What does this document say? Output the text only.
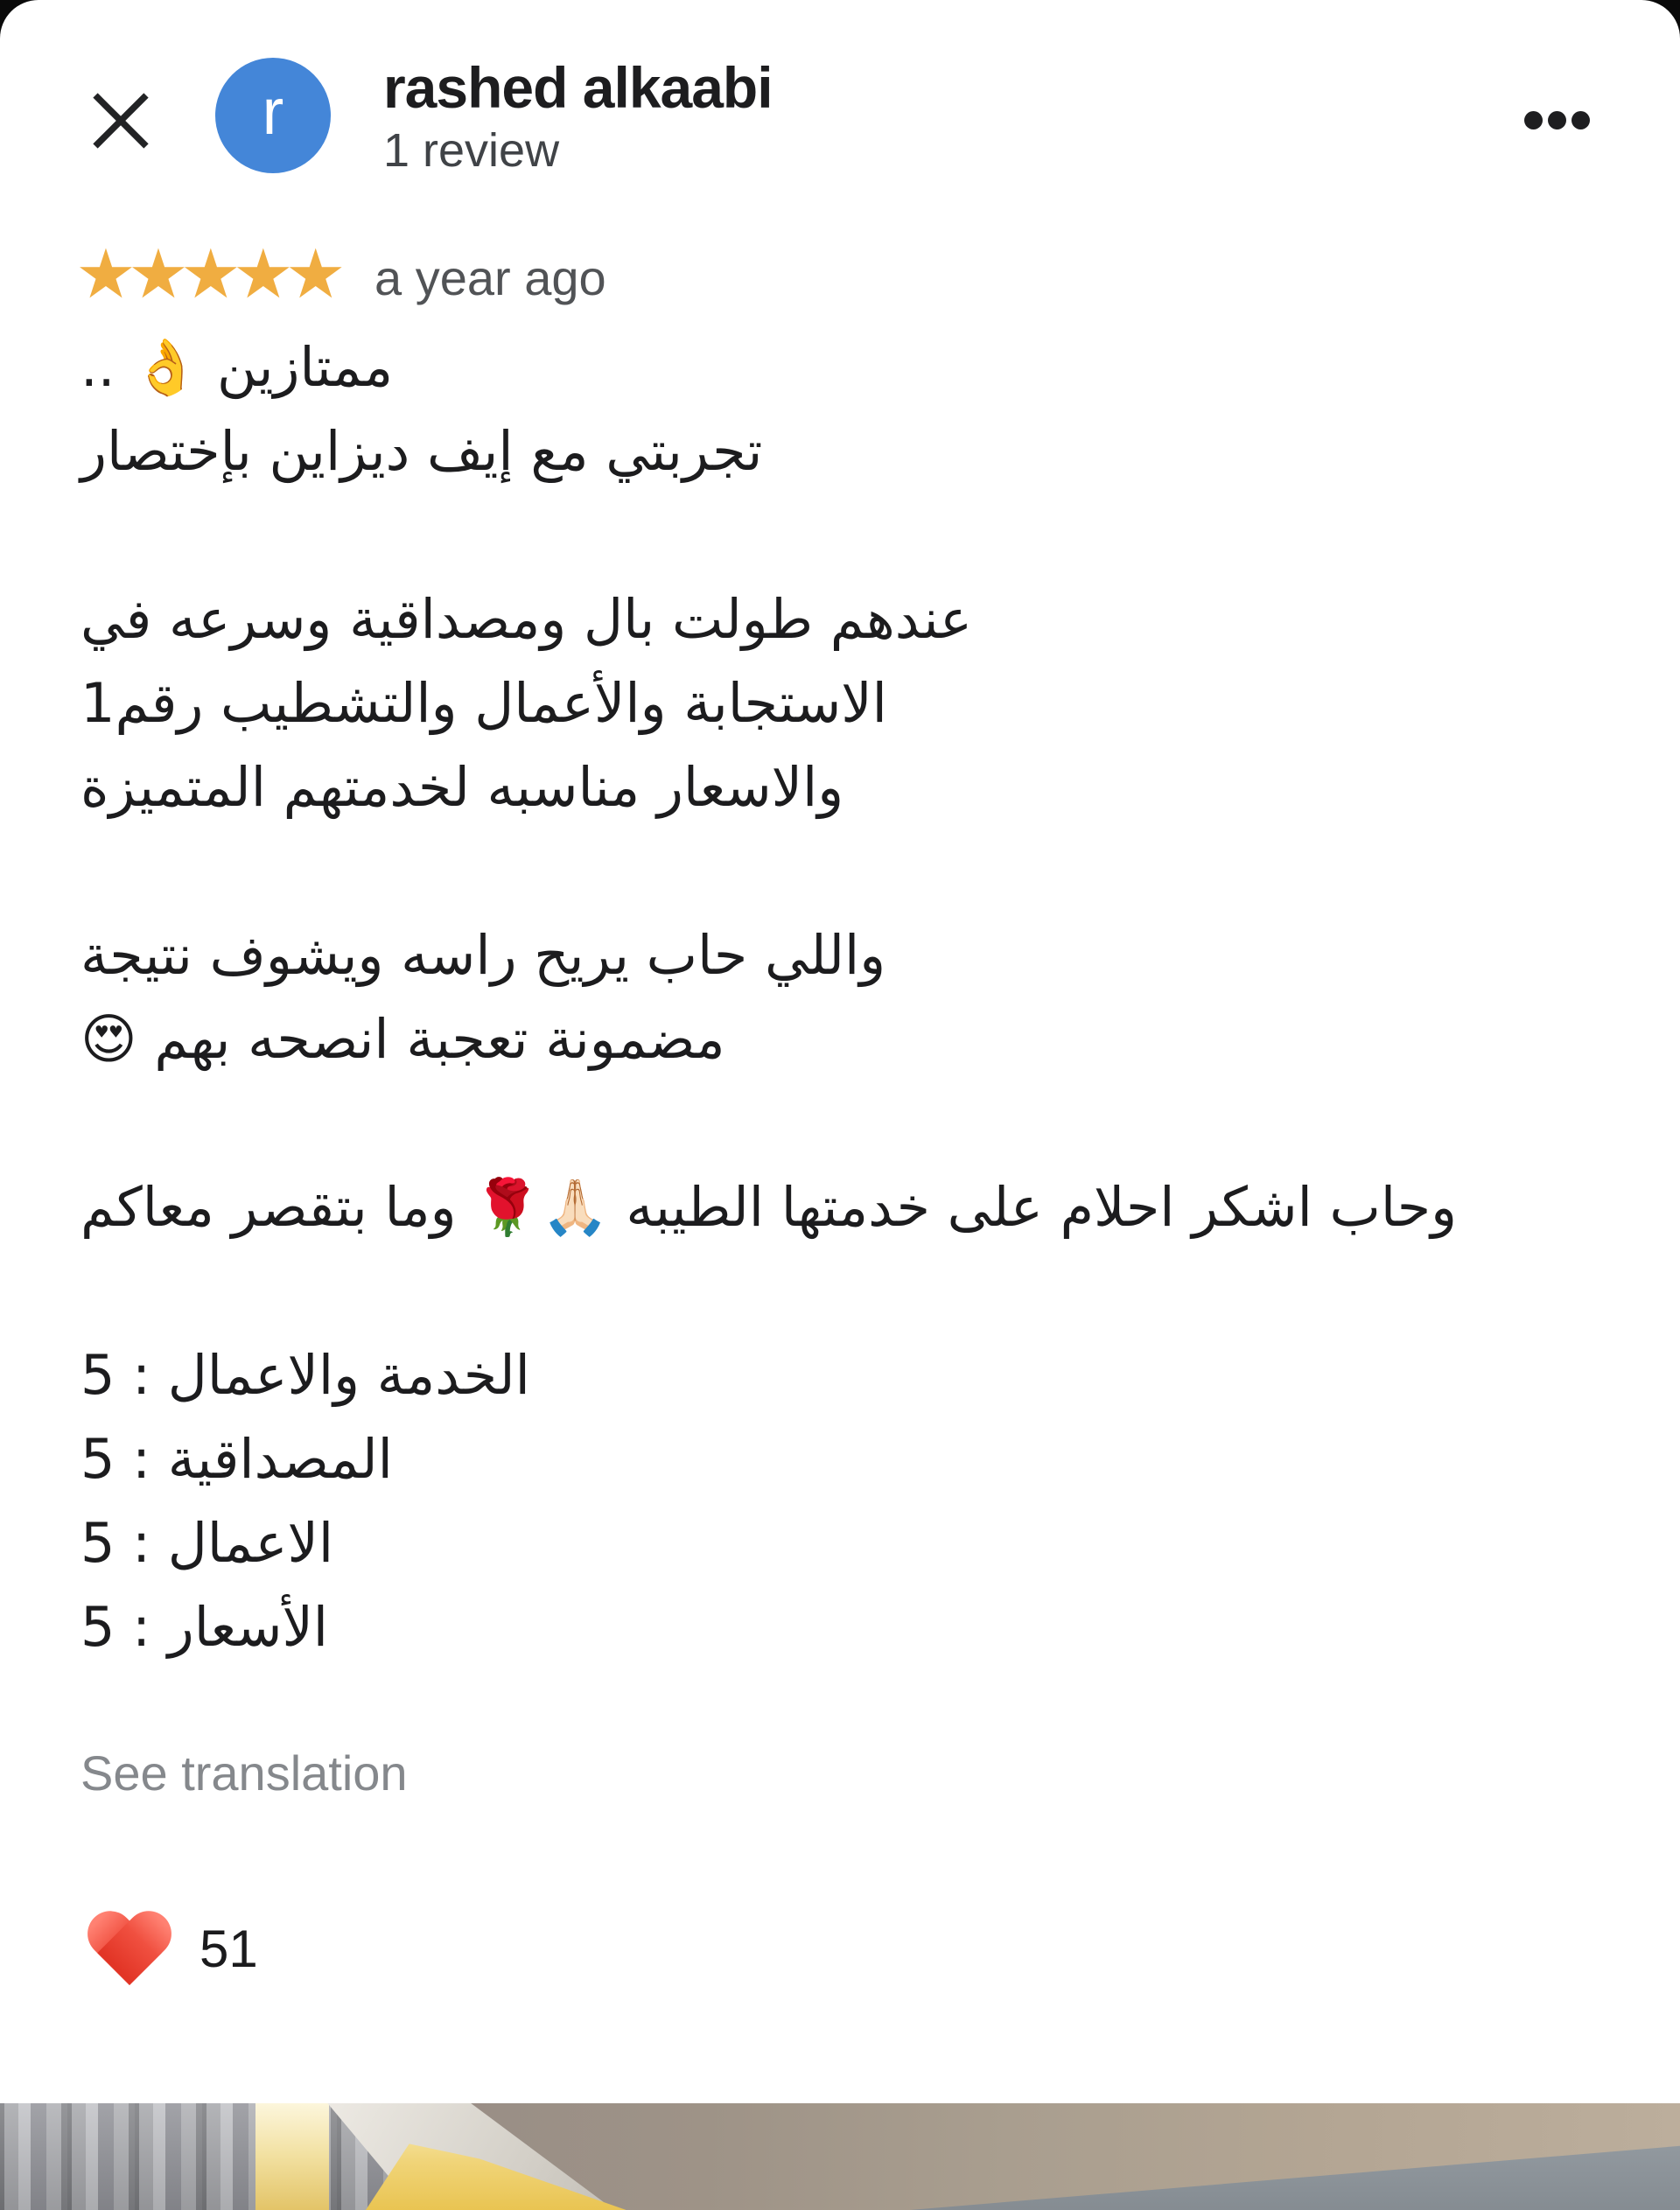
r rashed alkaabi
1 review
★
★
★
★
★ a year ago
ممتازين 👌 ..
تجربتي مع إيف ديزاين بإختصار
عندهم طولت بال ومصداقية وسرعه في
الاستجابة والأعمال والتشطيب رقم1
والاسعار مناسبه لخدمتهم المتميزة
واللي حاب يريح راسه ويشوف نتيجة
مضمونة تعجبة انصحه بهم 😍
وحاب اشكر احلام على خدمتها الطيبه 🙏🏻🌹 وما بتقصر معاكم
الخدمة والاعمال : 5
المصداقية : 5
الاعمال : 5
الأسعار : 5
See translation
51
